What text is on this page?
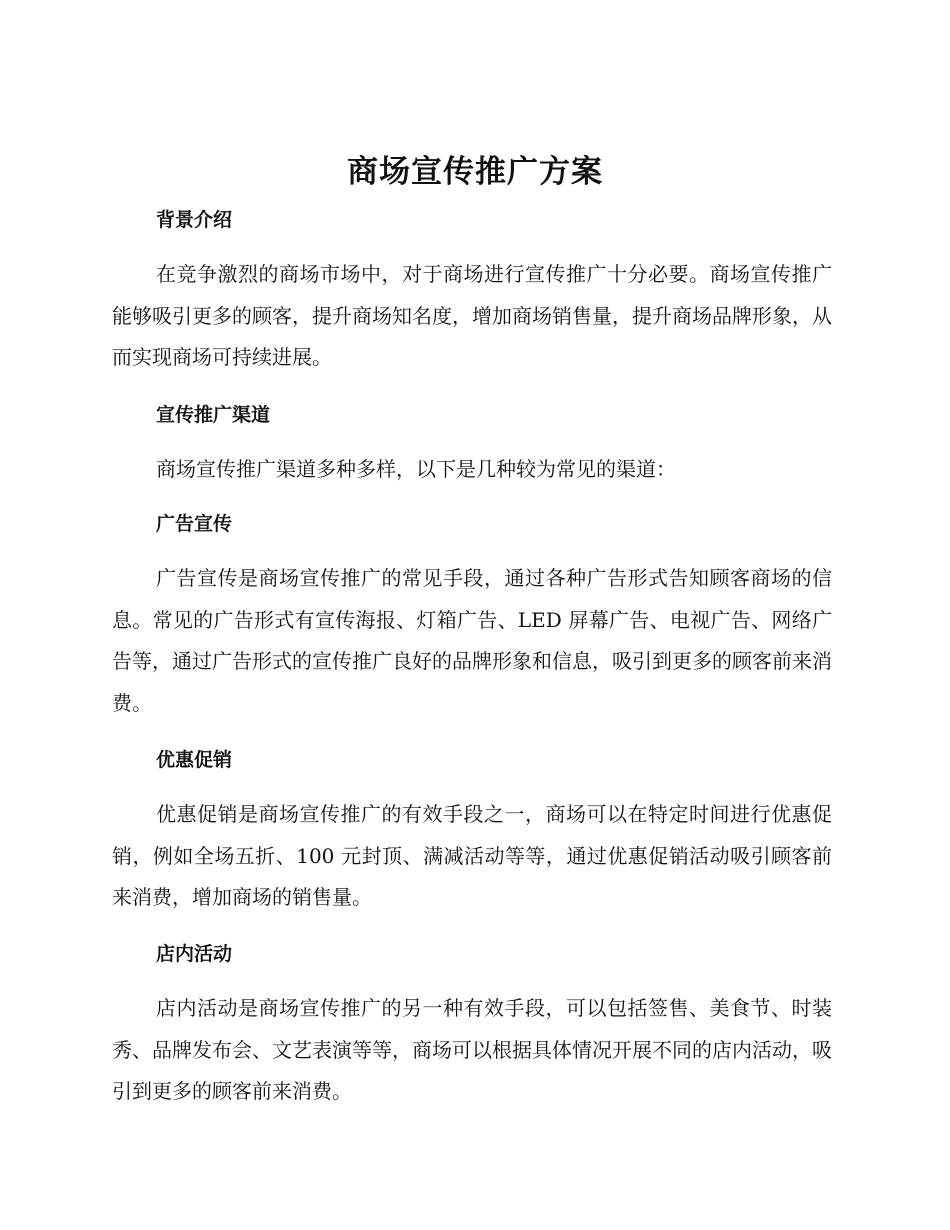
商场宣传推广方案
背景介绍

在竞争激烈的商场市场中，对于商场进行宣传推广十分必要。商场宣传推广能够吸引更多的顾客，提升商场知名度，增加商场销售量，提升商场品牌形象，从而实现商场可持续进展。

宣传推广渠道

商场宣传推广渠道多种多样，以下是几种较为常见的渠道：

广告宣传

广告宣传是商场宣传推广的常见手段，通过各种广告形式告知顾客商场的信息。常见的广告形式有宣传海报、灯箱广告、LED 屏幕广告、电视广告、网络广告等，通过广告形式的宣传推广良好的品牌形象和信息，吸引到更多的顾客前来消费。

优惠促销

优惠促销是商场宣传推广的有效手段之一，商场可以在特定时间进行优惠促销，例如全场五折、100 元封顶、满减活动等等，通过优惠促销活动吸引顾客前来消费，增加商场的销售量。

店内活动

店内活动是商场宣传推广的另一种有效手段，可以包括签售、美食节、时装秀、品牌发布会、文艺表演等等，商场可以根据具体情况开展不同的店内活动，吸引到更多的顾客前来消费。
